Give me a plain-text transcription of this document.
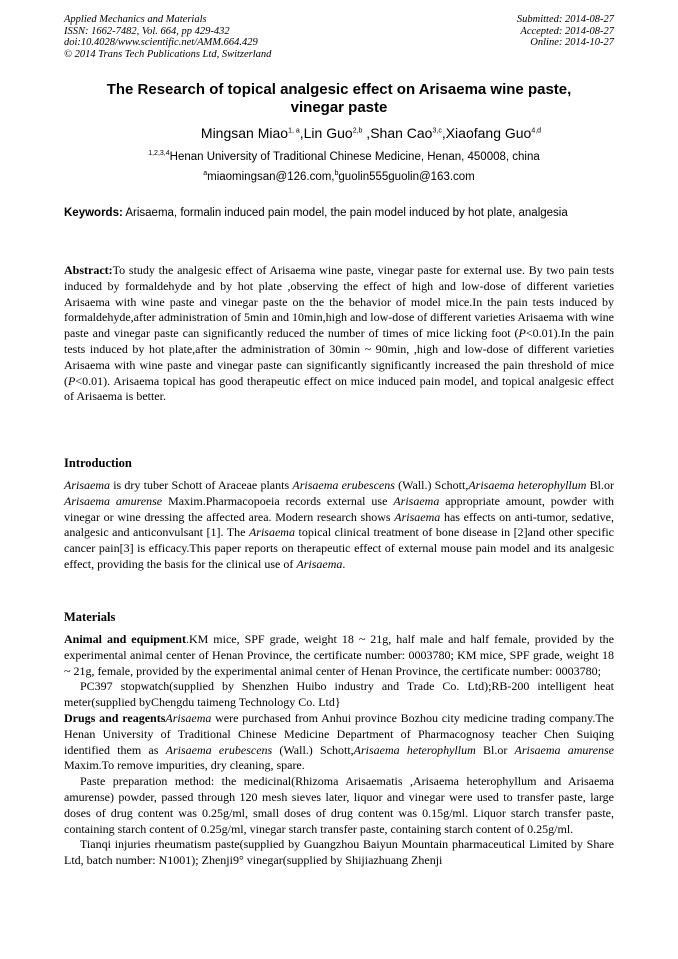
Applied Mechanics and Materials
ISSN: 1662-7482, Vol. 664, pp 429-432
doi:10.4028/www.scientific.net/AMM.664.429
© 2014 Trans Tech Publications Ltd, Switzerland
Submitted: 2014-08-27
Accepted: 2014-08-27
Online: 2014-10-27
The Research of topical analgesic effect on Arisaema wine paste,
vinegar paste
Mingsan Miao$^{1, a}$,Lin Guo$^{2,b}$ ,Shan Cao$^{3,c}$,Xiaofang Guo$^{4,d}$
$^{1,2,3,4}$Henan University of Traditional Chinese Medicine, Henan, 450008, china
$^a$miaomingsan@126.com,$^b$guolin555guolin@163.com
Keywords: Arisaema, formalin induced pain model, the pain model induced by hot plate, analgesia
Abstract:To study the analgesic effect of Arisaema wine paste, vinegar paste for external use. By two pain tests induced by formaldehyde and by hot plate ,observing the effect of high and low-dose of different varieties Arisaema with wine paste and vinegar paste on the the behavior of model mice.In the pain tests induced by formaldehyde,after administration of 5min and 10min,high and low-dose of different varieties Arisaema with wine paste and vinegar paste can significantly reduced the number of times of mice licking foot (P<0.01).In the pain tests induced by hot plate,after the administration of 30min ~ 90min, ,high and low-dose of different varieties Arisaema with wine paste and vinegar paste can significantly significantly increased the pain threshold of mice (P<0.01). Arisaema topical has good therapeutic effect on mice induced pain model, and topical analgesic effect of Arisaema is better.
Introduction
Arisaema is dry tuber Schott of Araceae plants Arisaema erubescens (Wall.) Schott,Arisaema heterophyllum Bl.or Arisaema amurense Maxim.Pharmacopoeia records external use Arisaema appropriate amount, powder with vinegar or wine dressing the affected area. Modern research shows Arisaema has effects on anti-tumor, sedative, analgesic and anticonvulsant [1]. The Arisaema topical clinical treatment of bone disease in [2]and other specific cancer pain[3] is efficacy.This paper reports on therapeutic effect of external mouse pain model and its analgesic effect, providing the basis for the clinical use of Arisaema.
Materials

Animal and equipment.KM mice, SPF grade, weight 18 ~ 21g, half male and half female, provided by the experimental animal center of Henan Province, the certificate number: 0003780; KM mice, SPF grade, weight 18 ~ 21g, female, provided by the experimental animal center of Henan Province, the certificate number: 0003780;

PC397 stopwatch(supplied by Shenzhen Huibo industry and Trade Co. Ltd);RB-200 intelligent heat meter(supplied byChengdu taimeng Technology Co. Ltd}

Drugs and reagentsArisaema were purchased from Anhui province Bozhou city medicine trading company.The Henan University of Traditional Chinese Medicine Department of Pharmacognosy teacher Chen Suiqing identified them as Arisaema erubescens (Wall.) Schott,Arisaema heterophyllum Bl.or Arisaema amurense Maxim.To remove impurities, dry cleaning, spare.

Paste preparation method: the medicinal(Rhizoma Arisaematis ,Arisaema heterophyllum and Arisaema amurense) powder, passed through 120 mesh sieves later, liquor and vinegar were used to transfer paste, large doses of drug content was 0.25g/ml, small doses of drug content was 0.15g/ml. Liquor starch transfer paste, containing starch content of 0.25g/ml, vinegar starch transfer paste, containing starch content of 0.25g/ml.

Tianqi injuries rheumatism paste(supplied by Guangzhou Baiyun Mountain pharmaceutical Limited by Share Ltd, batch number: N1001); Zhenji9° vinegar(supplied by Shijiazhuang Zhenji
